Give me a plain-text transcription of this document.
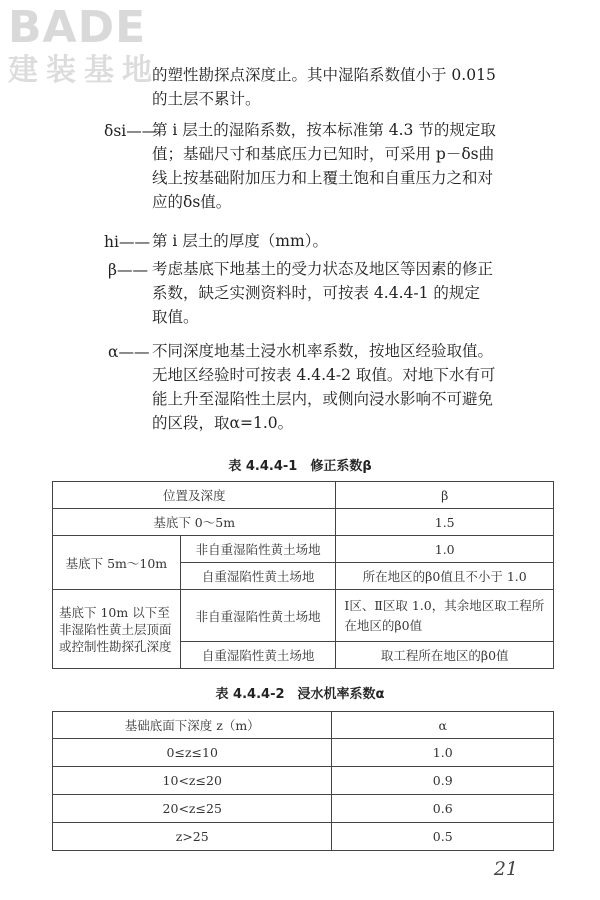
BADE
建装基地

的塑性勘探点深度止。其中湿陷系数值小于 0.015

的土层不累计。

δsi——

第 i 层土的湿陷系数，按本标准第 4.3 节的规定取

值；基础尺寸和基底压力已知时，可采用 p－δs曲

线上按基础附加压力和上覆土饱和自重压力之和对

应的δs值。

hi—— 第 i 层土的厚度（mm）。

β—— 考虑基底下地基土的受力状态及地区等因素的修正

系数，缺乏实测资料时，可按表 4.4.4-1 的规定

取值。

α—— 不同深度地基土浸水机率系数，按地区经验取值。

无地区经验时可按表 4.4.4-2 取值。对地下水有可

能上升至湿陷性土层内，或侧向浸水影响不可避免

的区段，取α=1.0。

表 4.4.4-1　修正系数β
位置及深度		β
基底下 0～5m		1.5
基底下 5m～10m	非自重湿陷性黄土场地	1.0
	自重湿陷性黄土场地	所在地区的β0值且不小于 1.0
基底下 10m 以下至非湿陷性黄土层顶面或控制性勘探孔深度	非自重湿陷性黄土场地	Ⅰ区、Ⅱ区取 1.0，其余地区取工程所在地区的β0值
	自重湿陷性黄土场地	取工程所在地区的β0值
表 4.4.4-2　浸水机率系数α
基础底面下深度 z（m）	α
0≤z≤10	1.0
10<z≤20	0.9
20<z≤25	0.6
z>25	0.5
21
